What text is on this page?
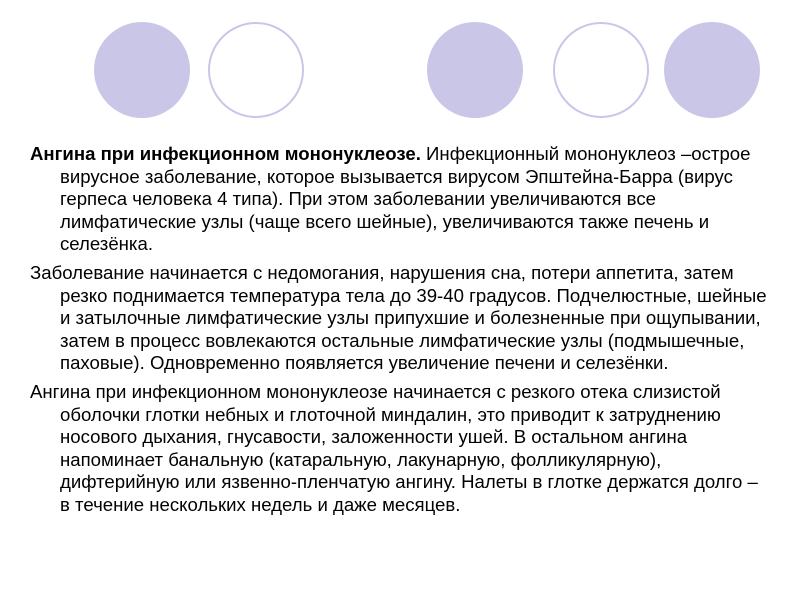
Ангина при инфекционном мононуклеозе. Инфекционный мононуклеоз –острое вирусное заболевание, которое вызывается вирусом Эпштейна-Барра (вирус герпеса человека 4 типа). При этом заболевании увеличиваются все лимфатические узлы (чаще всего шейные), увеличиваются также печень и селезёнка.

Заболевание начинается с недомогания, нарушения сна, потери аппетита, затем резко поднимается температура тела до 39-40 градусов. Подчелюстные, шейные и затылочные лимфатические узлы припухшие и болезненные при ощупывании, затем в процесс вовлекаются остальные лимфатические узлы (подмышечные, паховые). Одновременно появляется увеличение печени и селезёнки.

Ангина при инфекционном мононуклеозе начинается с резкого отека слизистой оболочки глотки небных и глоточной миндалин, это приводит к затруднению носового дыхания, гнусавости, заложенности ушей. В остальном ангина напоминает банальную (катаральную, лакунарную, фолликулярную), дифтерийную или язвенно-пленчатую ангину. Налеты в глотке держатся долго – в течение нескольких недель и даже месяцев.
